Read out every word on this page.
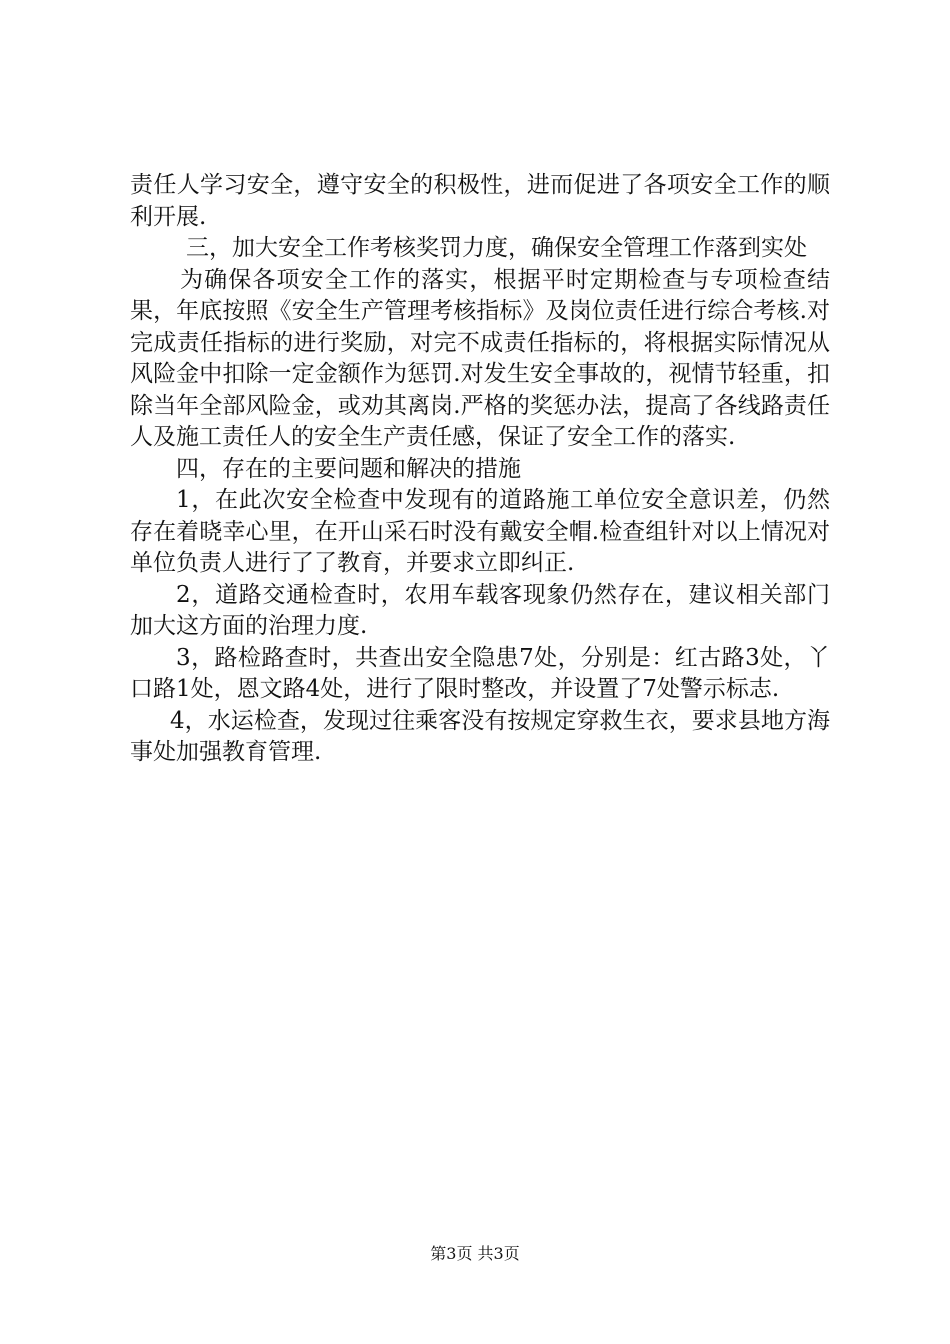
责任人学习安全，遵守安全的积极性，进而促进了各项安全工作的顺利开展.

三，加大安全工作考核奖罚力度，确保安全管理工作落到实处

为确保各项安全工作的落实，根据平时定期检查与专项检查结果，年底按照《安全生产管理考核指标》及岗位责任进行综合考核.对完成责任指标的进行奖励，对完不成责任指标的，将根据实际情况从风险金中扣除一定金额作为惩罚.对发生安全事故的，视情节轻重，扣除当年全部风险金，或劝其离岗.严格的奖惩办法，提高了各线路责任人及施工责任人的安全生产责任感，保证了安全工作的落实.

四，存在的主要问题和解决的措施

1，在此次安全检查中发现有的道路施工单位安全意识差，仍然存在着晓幸心里，在开山采石时没有戴安全帽.检查组针对以上情况对单位负责人进行了了教育，并要求立即纠正.

2，道路交通检查时，农用车载客现象仍然存在，建议相关部门加大这方面的治理力度.

3，路检路查时，共查出安全隐患7处，分别是：红古路3处，丫口路1处，恩文路4处，进行了限时整改，并设置了7处警示标志.

4，水运检查，发现过往乘客没有按规定穿救生衣，要求县地方海事处加强教育管理.

第3页 共3页
